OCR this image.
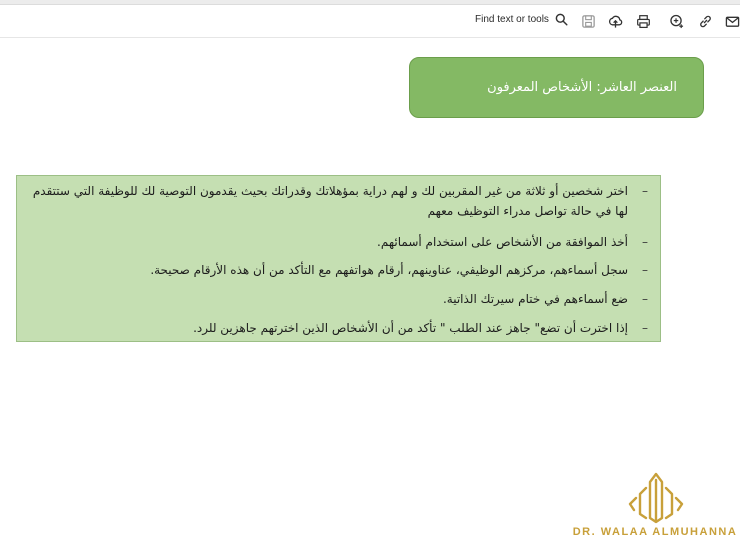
Find text or tools
العنصر العاشر: الأشخاص المعرفون
–
اختر شخصين أو ثلاثة من غير المقربين لك و لهم دراية بمؤهلاتك وقدراتك بحيث يقدمون التوصية لك للوظيفة التي ستتقدم لها في حالة تواصل مدراء التوظيف معهم
–
أخذ الموافقة من الأشخاص على استخدام أسمائهم.
–
سجل أسماءهم، مركزهم الوظيفي، عناوينهم، أرقام هواتفهم مع التأكد من أن هذه الأرقام صحيحة.
–
ضع أسماءهم في ختام سيرتك الذاتية.
–
إذا اخترت أن تضع" جاهز عند الطلب " تأكد من أن الأشخاص الذين اخترتهم جاهزين للرد.
DR. WALAA ALMUHANNA
